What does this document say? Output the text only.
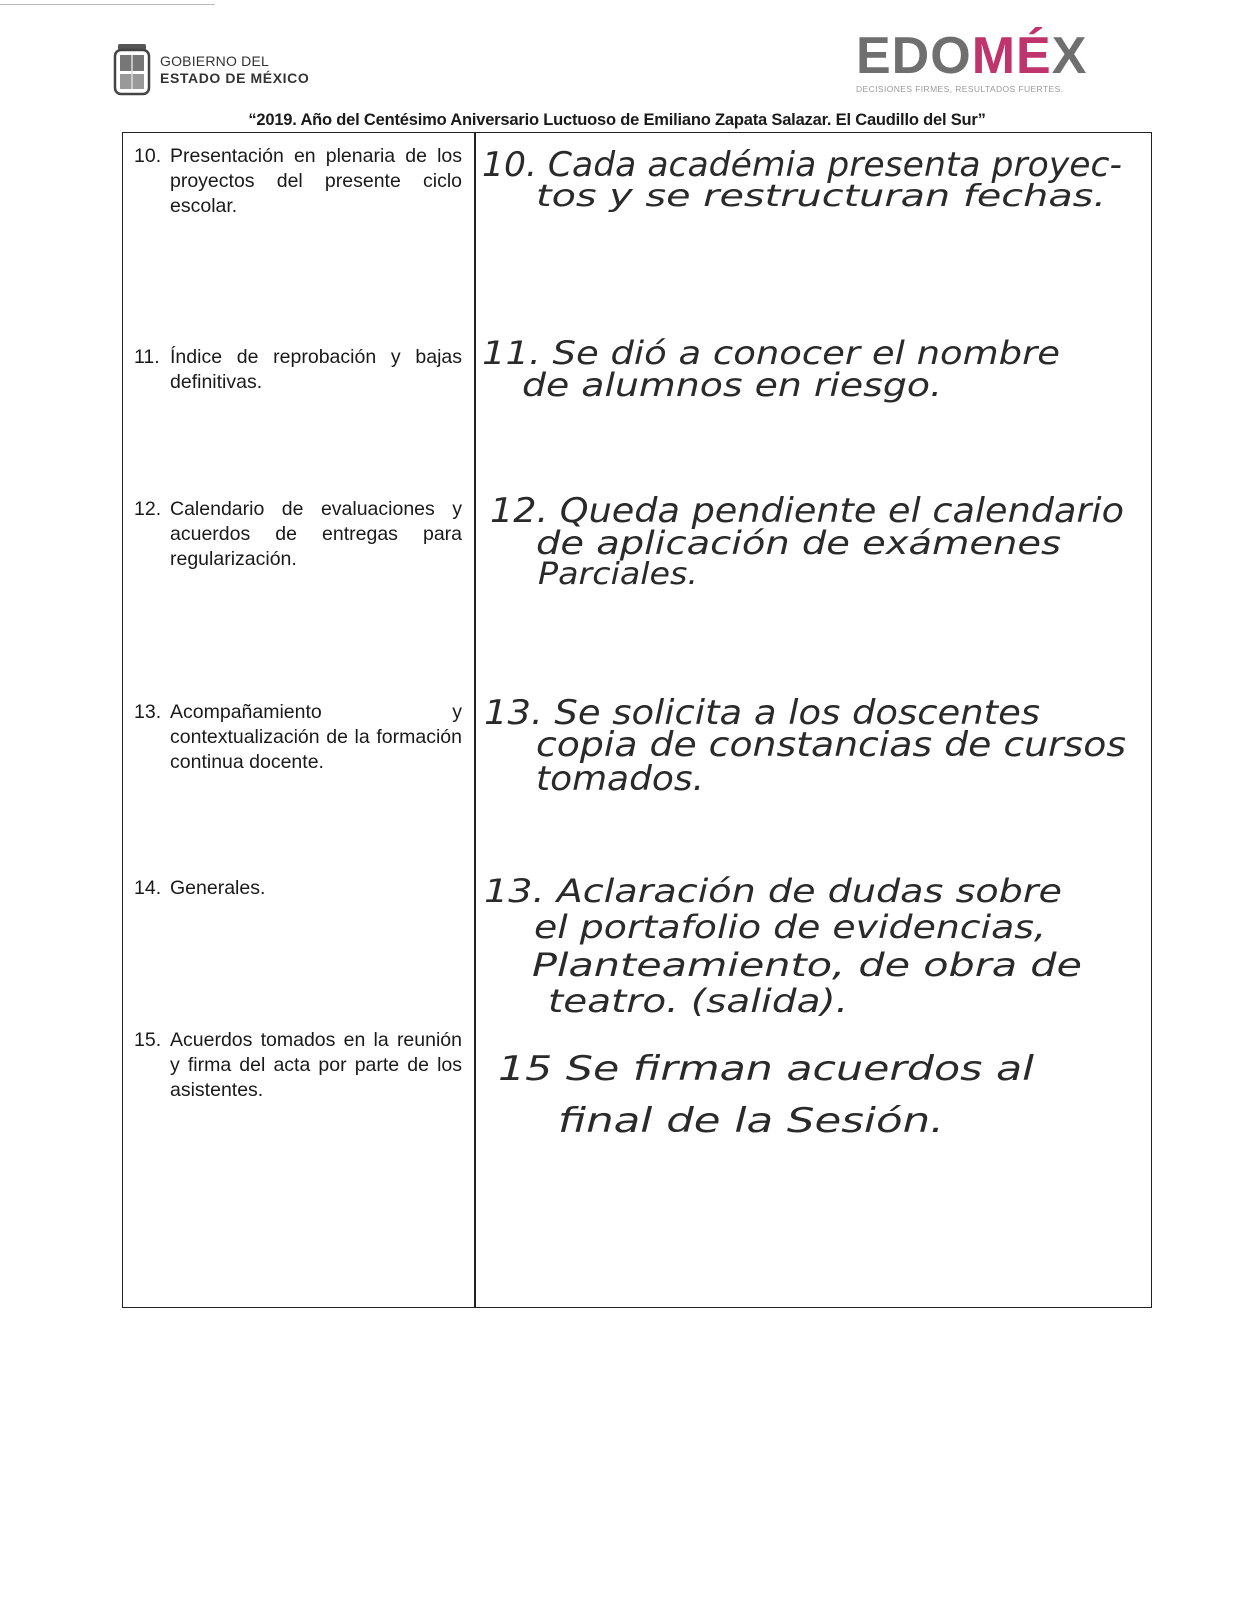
GOBIERNO DEL
ESTADO DE MÉXICO	EDOMÉX
DECISIONES FIRMES, RESULTADOS FUERTES.
“2019. Año del Centésimo Aniversario Luctuoso de Emiliano Zapata Salazar. El Caudillo del Sur”
10. Presentación en plenaria de los proyectos del presente ciclo escolar.
11. Índice de reprobación y bajas definitivas.
12. Calendario de evaluaciones y acuerdos de entregas para regularización.
13. Acompañamiento y contextualización de la formación continua docente.
14. Generales.
15. Acuerdos tomados en la reunión y firma del acta por parte de los asistentes.
10. Cada académia presenta proyec-
tos y se restructuran fechas.
11. Se dió a conocer el nombre
de alumnos en riesgo.
12. Queda pendiente el calendario
de aplicación de exámenes
Parciales.
13. Se solicita a los doscentes
copia de constancias de cursos
tomados.
13. Aclaración de dudas sobre
el portafolio de evidencias,
Planteamiento, de obra de
teatro. (salida).
15 Se firman acuerdos al
final de la Sesión.
